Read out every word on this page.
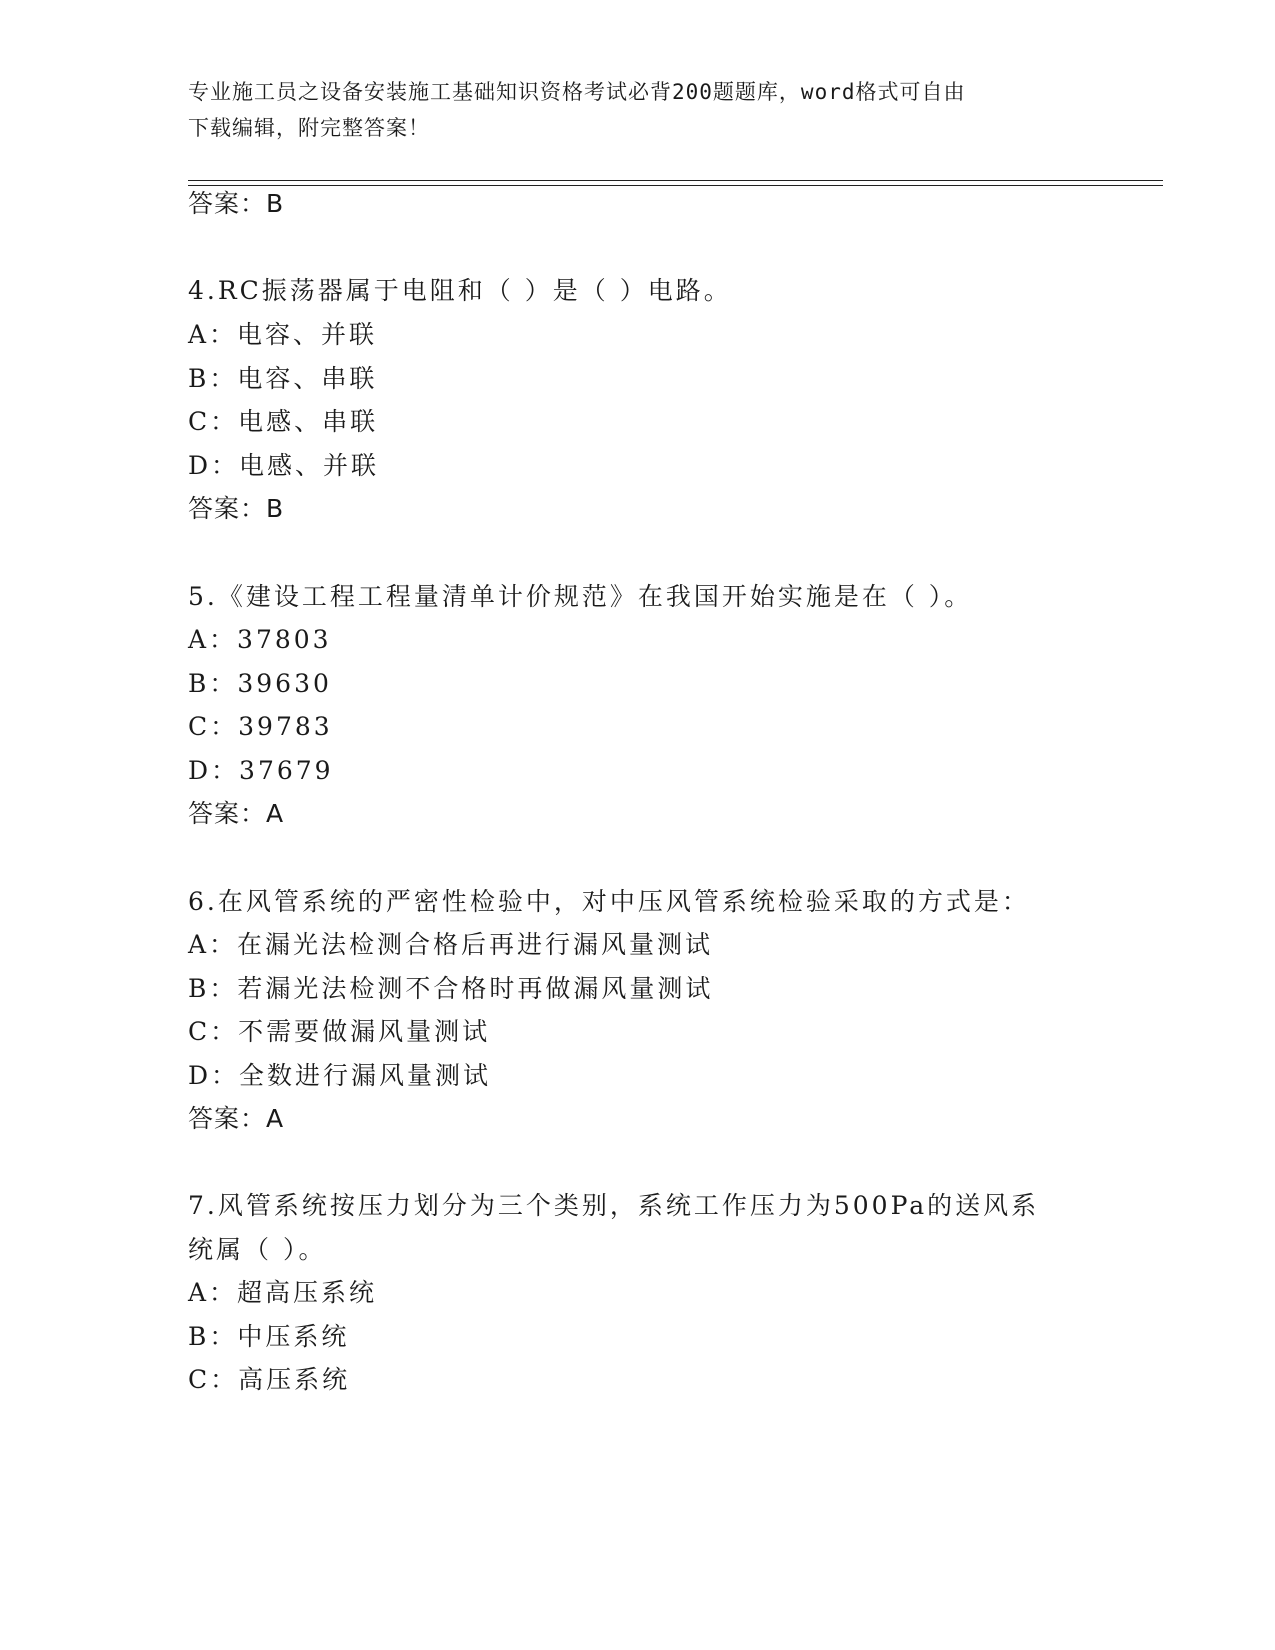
专业施工员之设备安装施工基础知识资格考试必背200题题库，word格式可自由
下载编辑，附完整答案！
答案：B
4.RC振荡器属于电阻和（ ）是（ ）电路。
A：电容、并联
B：电容、串联
C：电感、串联
D：电感、并联
答案：B
5.《建设工程工程量清单计价规范》在我国开始实施是在（ ）。
A：37803
B：39630
C：39783
D：37679
答案：A
6.在风管系统的严密性检验中，对中压风管系统检验采取的方式是：
A：在漏光法检测合格后再进行漏风量测试
B：若漏光法检测不合格时再做漏风量测试
C：不需要做漏风量测试
D：全数进行漏风量测试
答案：A
7.风管系统按压力划分为三个类别，系统工作压力为500Pa的送风系
统属（ ）。
A：超高压系统
B：中压系统
C：高压系统
